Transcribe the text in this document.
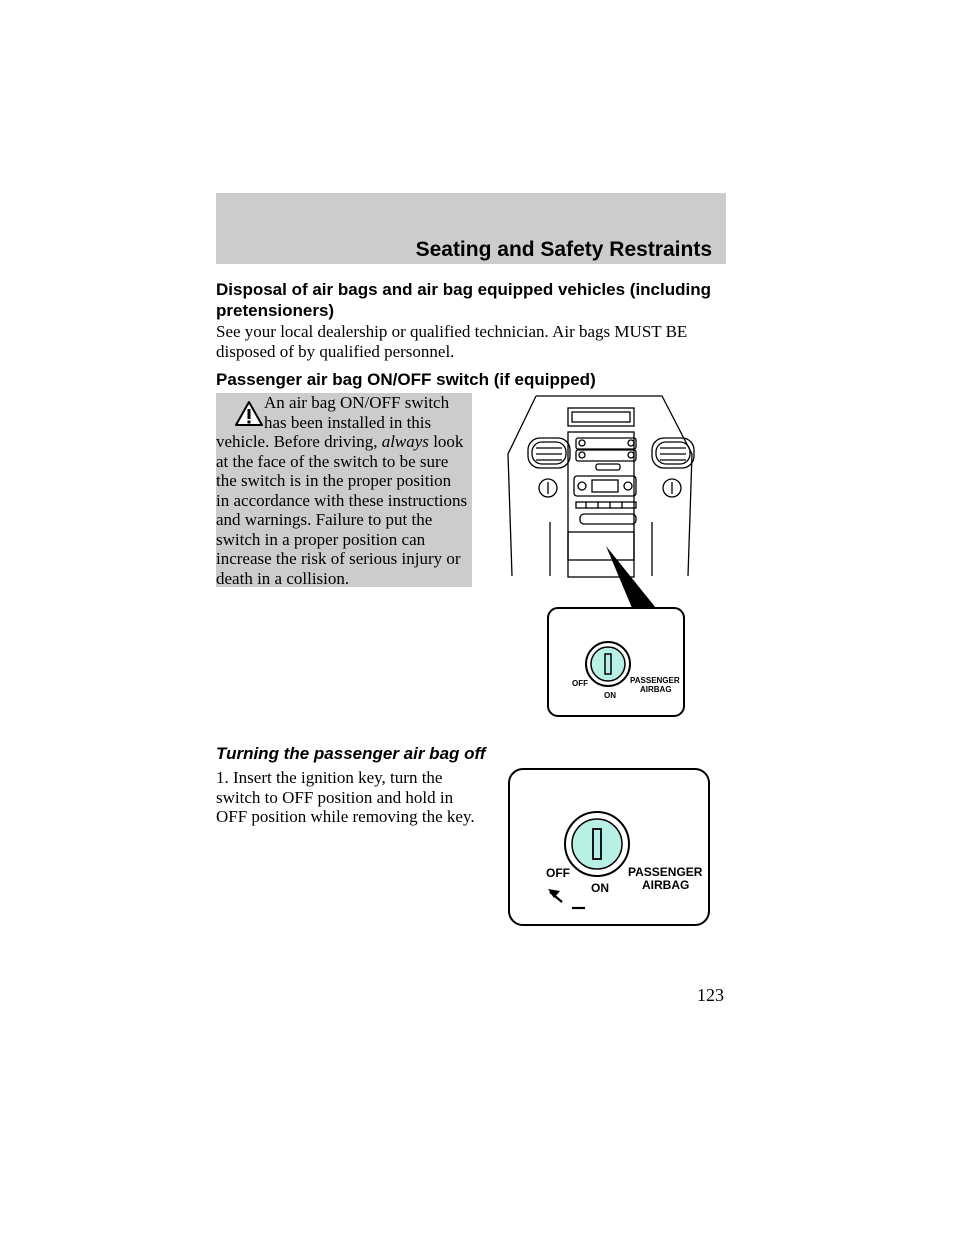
Seating and Safety Restraints
Disposal of air bags and air bag equipped vehicles (including pretensioners)

See your local dealership or qualified technician. Air bags MUST BE disposed of by qualified personnel.

Passenger air bag ON/OFF switch (if equipped)

An air bag ON/OFF switch has been installed in this vehicle. Before driving, always look at the face of the switch to be sure the switch is in the proper position in accordance with these instructions and warnings. Failure to put the switch in a proper position can increase the risk of serious injury or death in a collision.

OFF
ON
PASSENGER
AIRBAG
Turning the passenger air bag off

1. Insert the ignition key, turn the switch to OFF position and hold in OFF position while removing the key.

OFF
ON
PASSENGER
AIRBAG

123
